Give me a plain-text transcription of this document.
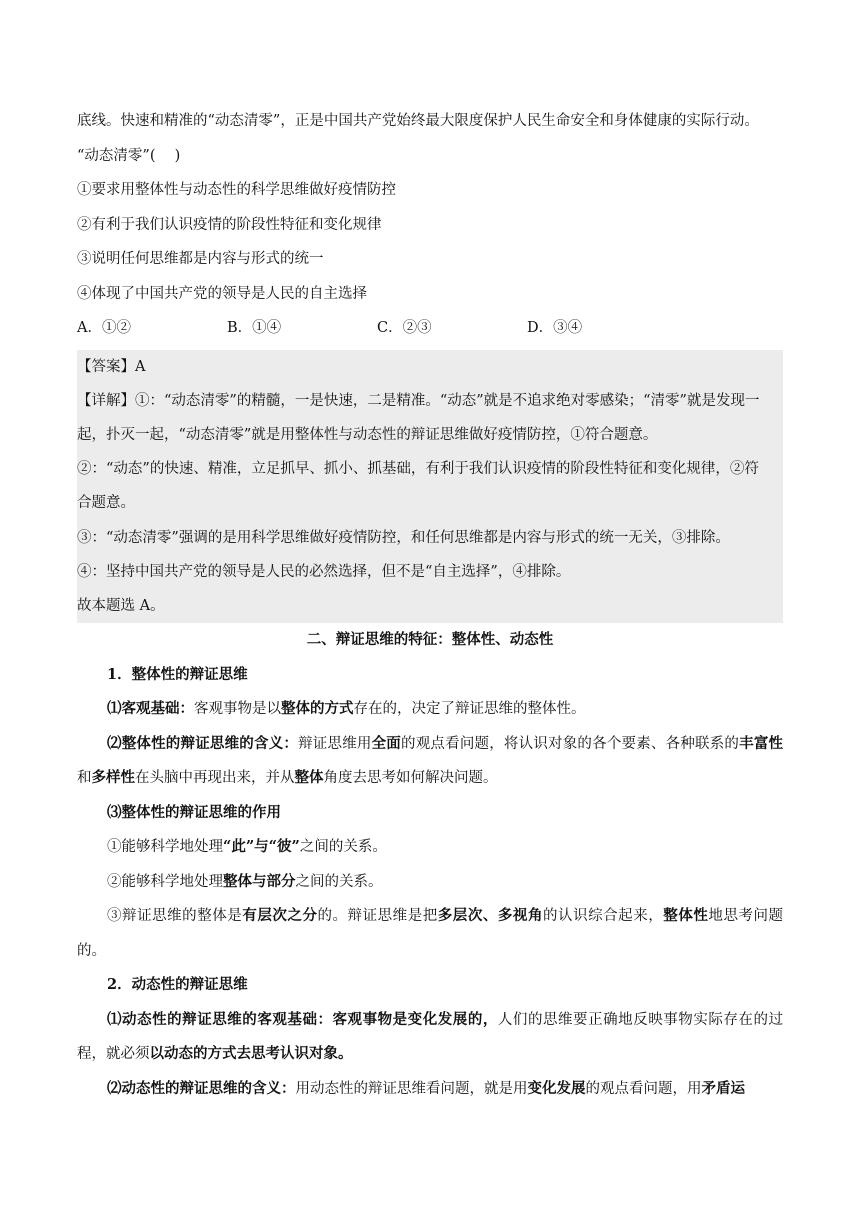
底线。快速和精准的“动态清零”，正是中国共产党始终最大限度保护人民生命安全和身体健康的实际行动。

“动态清零”(　 )

①要求用整体性与动态性的科学思维做好疫情防控

②有利于我们认识疫情的阶段性特征和变化规律

③说明任何思维都是内容与形式的统一

④体现了中国共产党的领导是人民的自主选择

A．①②	B．①④	C．②③	D．③④

【答案】A

【详解】①：“动态清零”的精髓，一是快速，二是精准。“动态”就是不追求绝对零感染；“清零”就是发现一

起，扑灭一起，“动态清零”就是用整体性与动态性的辩证思维做好疫情防控，①符合题意。

②：“动态”的快速、精准，立足抓早、抓小、抓基础，有利于我们认识疫情的阶段性特征和变化规律，②符

合题意。

③：“动态清零”强调的是用科学思维做好疫情防控，和任何思维都是内容与形式的统一无关，③排除。

④：坚持中国共产党的领导是人民的必然选择，但不是“自主选择”，④排除。

故本题选 A。

二、辩证思维的特征：整体性、动态性

1．整体性的辩证思维

⑴客观基础：客观事物是以整体的方式存在的，决定了辩证思维的整体性。

⑵整体性的辩证思维的含义：辩证思维用全面的观点看问题，将认识对象的各个要素、各种联系的丰富性和多样性在头脑中再现出来，并从整体角度去思考如何解决问题。

⑶整体性的辩证思维的作用

①能够科学地处理“此”与“彼”之间的关系。

②能够科学地处理整体与部分之间的关系。

③辩证思维的整体是有层次之分的。辩证思维是把多层次、多视角的认识综合起来，整体性地思考问题的。

2．动态性的辩证思维

⑴动态性的辩证思维的客观基础：客观事物是变化发展的，人们的思维要正确地反映事物实际存在的过程，就必须以动态的方式去思考认识对象。

⑵动态性的辩证思维的含义：用动态性的辩证思维看问题，就是用变化发展的观点看问题，用矛盾运
